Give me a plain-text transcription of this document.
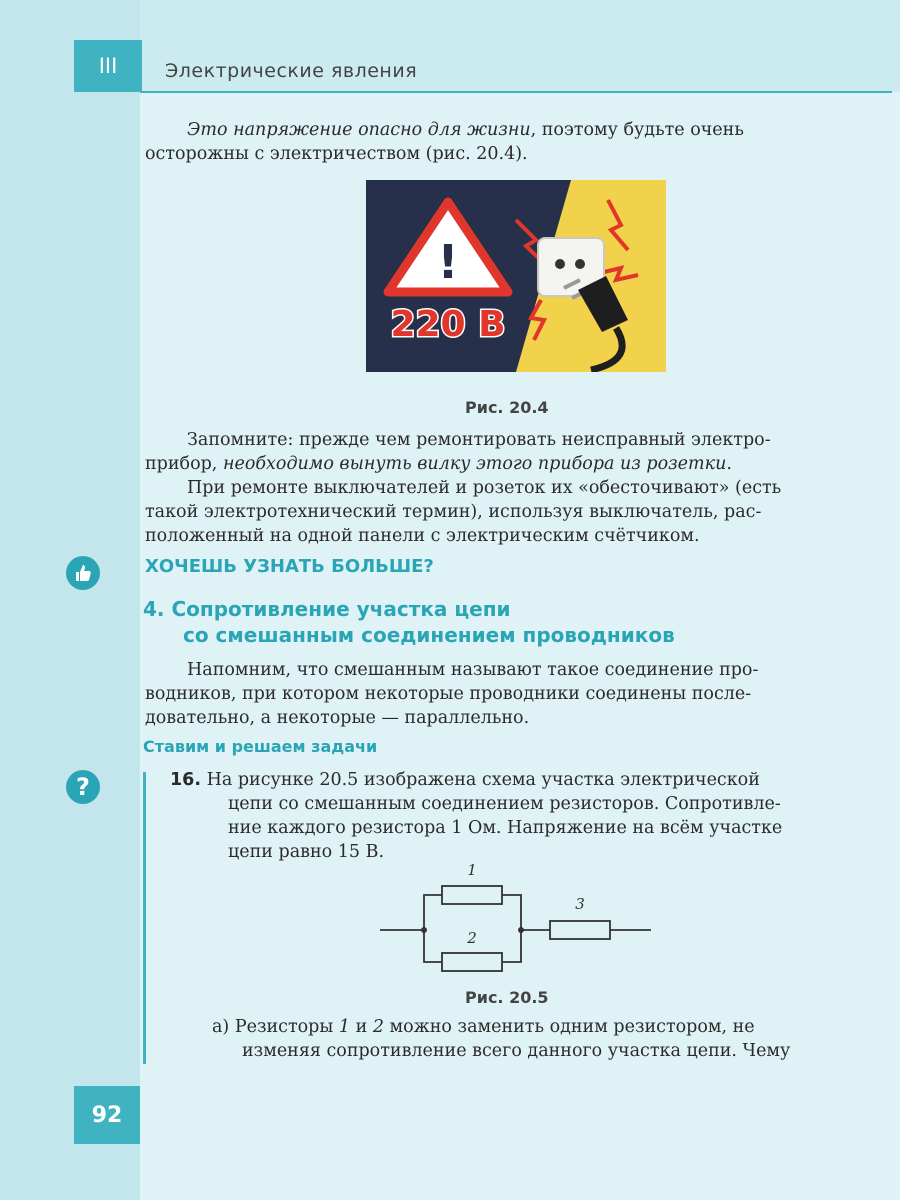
III	Электрические явления
Это напряжение опасно для жизни, поэтому будьте очень
осторожны с электричеством (рис. 20.4).
!
220 В
Рис. 20.4
Запомните: прежде чем ремонтировать неисправный электро-
прибор, необходимо вынуть вилку этого прибора из розетки.
При ремонте выключателей и розеток их «обесточивают» (есть
такой электротехнический термин), используя выключатель, рас-
положенный на одной панели с электрическим счётчиком.
ХОЧЕШЬ УЗНАТЬ БОЛЬШЕ?
4. Сопротивление участка цепи
со смешанным соединением проводников
Напомним, что смешанным называют такое соединение про-
водников, при котором некоторые проводники соединены после-
довательно, а некоторые — параллельно.
Ставим и решаем задачи
?	16. На рисунке 20.5 изображена схема участка электрической
цепи со смешанным соединением резисторов. Сопротивле-
ние каждого резистора 1 Ом. Напряжение на всём участке
цепи равно 15 В.
1
2
3
Рис. 20.5
а) Резисторы 1 и 2 можно заменить одним резистором, не
изменяя сопротивление всего данного участка цепи. Чему
92
